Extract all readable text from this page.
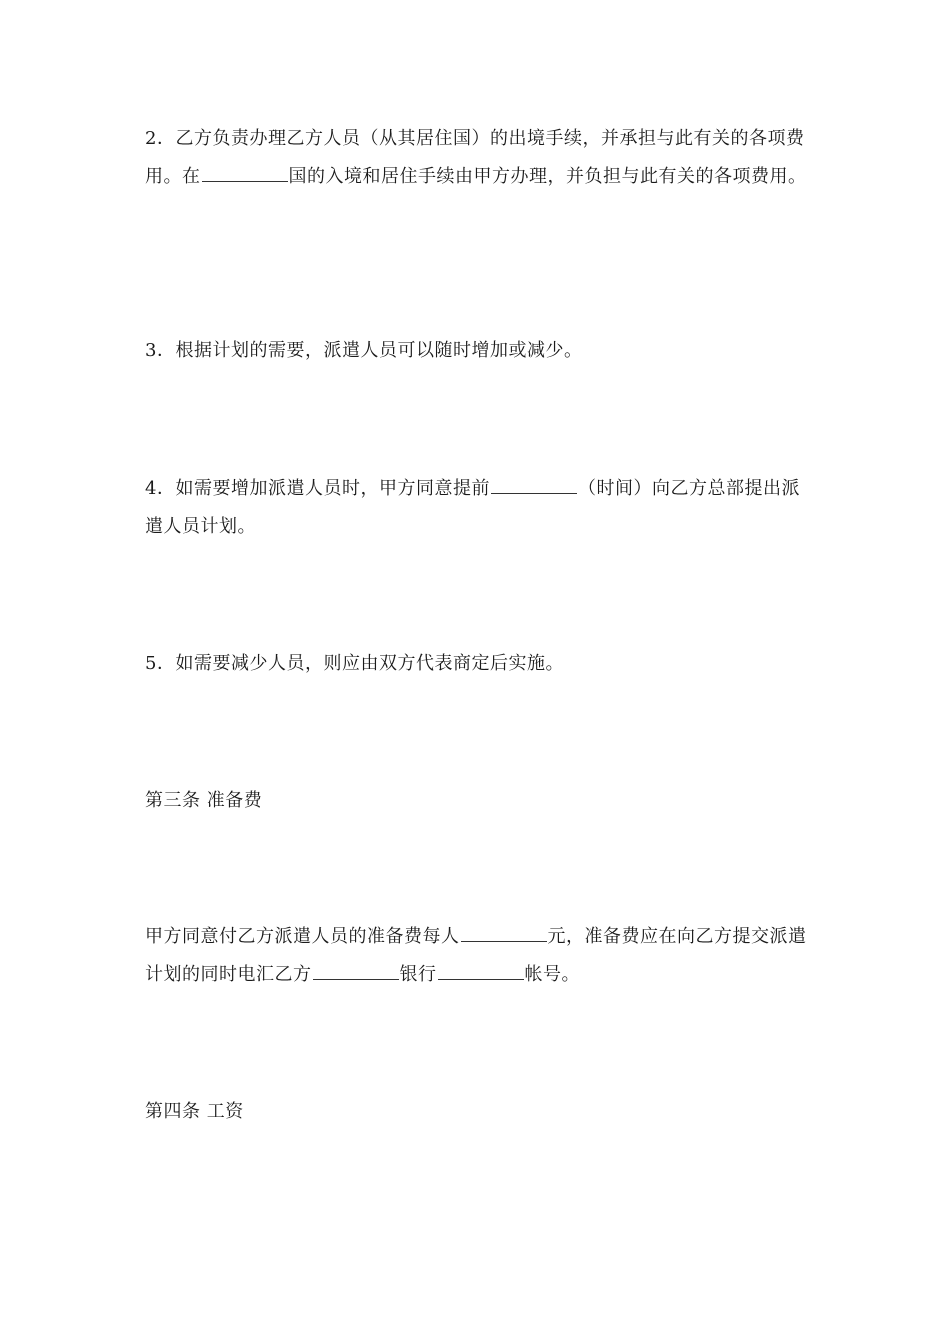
2．乙方负责办理乙方人员（从其居住国）的出境手续，并承担与此有关的各项费用。在	国的入境和居住手续由甲方办理，并负担与此有关的各项费用。

3．根据计划的需要，派遣人员可以随时增加或减少。

4．如需要增加派遣人员时，甲方同意提前	（时间）向乙方总部提出派遣人员计划。

5．如需要减少人员，则应由双方代表商定后实施。

第三条 准备费

甲方同意付乙方派遣人员的准备费每人	元，准备费应在向乙方提交派遣计划的同时电汇乙方	银行	帐号。

第四条 工资
